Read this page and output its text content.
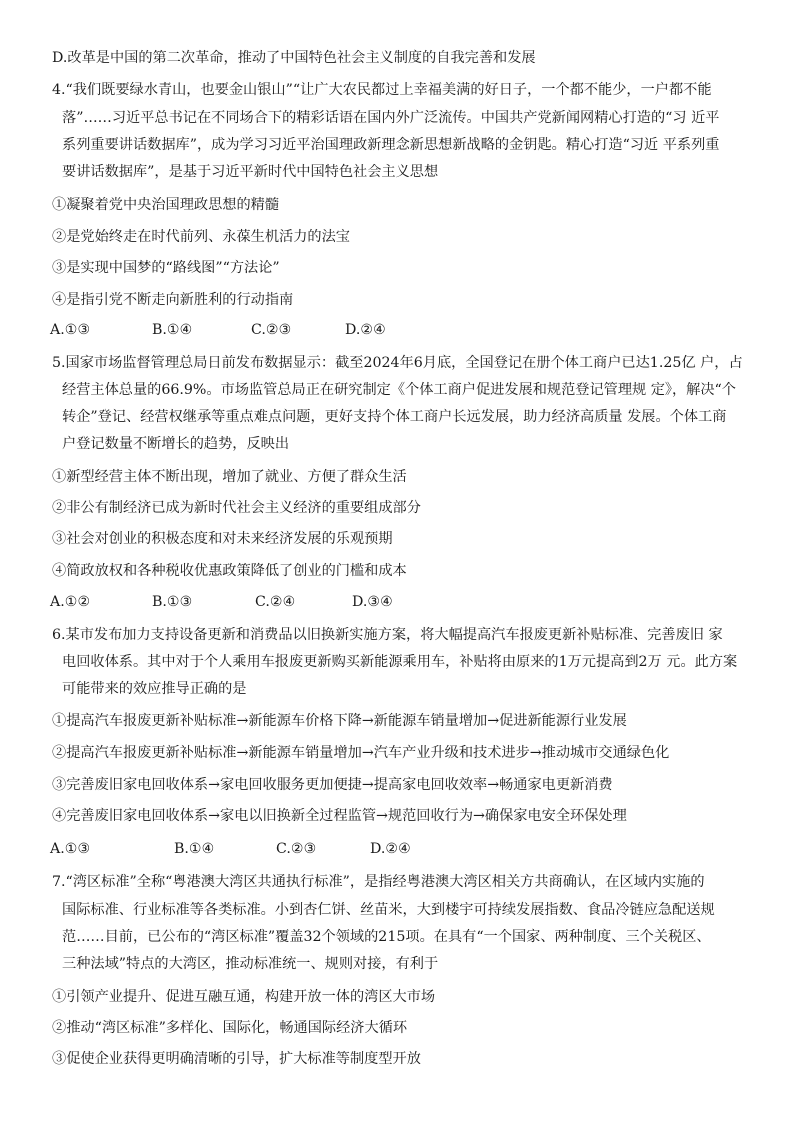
D.改革是中国的第二次革命，推动了中国特色社会主义制度的自我完善和发展
4.“我们既要绿水青山，也要金山银山”“让广大农民都过上幸福美满的好日子，一个都不能少，一户都不能
落”……习近平总书记在不同场合下的精彩话语在国内外广泛流传。中国共产党新闻网精心打造的“习 近平
系列重要讲话数据库”，成为学习习近平治国理政新理念新思想新战略的金钥匙。精心打造“习近 平系列重
要讲话数据库”，是基于习近平新时代中国特色社会主义思想
①凝聚着党中央治国理政思想的精髓
②是党始终走在时代前列、永葆生机活力的法宝
③是实现中国梦的“路线图”“方法论”
④是指引党不断走向新胜利的行动指南
A.①③	B.①④	C.②③	D.②④
5.国家市场监督管理总局日前发布数据显示：截至2024年6月底，全国登记在册个体工商户已达1.25亿 户，占
经营主体总量的66.9%。市场监管总局正在研究制定《个体工商户促进发展和规范登记管理规 定》，解决“个
转企”登记、经营权继承等重点难点问题，更好支持个体工商户长远发展，助力经济高质量 发展。个体工商
户登记数量不断增长的趋势，反映出
①新型经营主体不断出现，增加了就业、方便了群众生活
②非公有制经济已成为新时代社会主义经济的重要组成部分
③社会对创业的积极态度和对未来经济发展的乐观预期
④简政放权和各种税收优惠政策降低了创业的门槛和成本
A.①②	B.①③	C.②④	D.③④
6.某市发布加力支持设备更新和消费品以旧换新实施方案，将大幅提高汽车报废更新补贴标准、完善废旧 家
电回收体系。其中对于个人乘用车报废更新购买新能源乘用车，补贴将由原来的1万元提高到2万 元。此方案
可能带来的效应推导正确的是
①提高汽车报废更新补贴标准→新能源车价格下降→新能源车销量增加→促进新能源行业发展
②提高汽车报废更新补贴标准→新能源车销量增加→汽车产业升级和技术进步→推动城市交通绿色化
③完善废旧家电回收体系→家电回收服务更加便捷→提高家电回收效率→畅通家电更新消费
④完善废旧家电回收体系→家电以旧换新全过程监管→规范回收行为→确保家电安全环保处理
A.①③	B.①④	C.②③	D.②④
7.“湾区标准”全称“粤港澳大湾区共通执行标准”，是指经粤港澳大湾区相关方共商确认，在区域内实施的
国际标准、行业标准等各类标准。小到杏仁饼、丝苗米，大到楼宇可持续发展指数、食品冷链应急配送规
范……目前，已公布的“湾区标准”覆盖32个领域的215项。在具有“一个国家、两种制度、三个关税区、
三种法域”特点的大湾区，推动标准统一、规则对接，有利于
①引领产业提升、促进互融互通，构建开放一体的湾区大市场
②推动“湾区标准”多样化、国际化，畅通国际经济大循环
③促使企业获得更明确清晰的引导，扩大标准等制度型开放
